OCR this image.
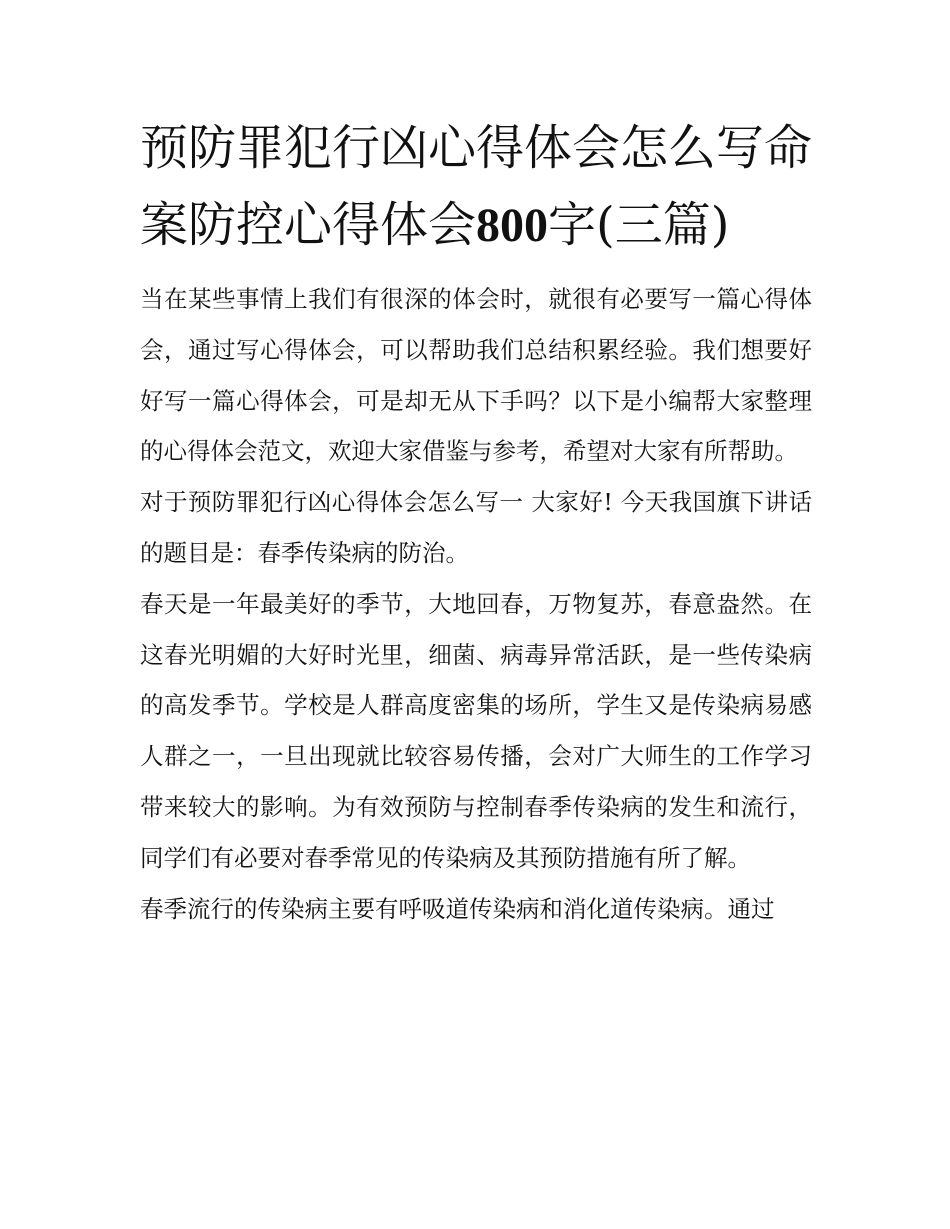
预防罪犯行凶心得体会怎么写命案防控心得体会800字(三篇)

当在某些事情上我们有很深的体会时，就很有必要写一篇心得体会，通过写心得体会，可以帮助我们总结积累经验。我们想要好好写一篇心得体会，可是却无从下手吗？以下是小编帮大家整理的心得体会范文，欢迎大家借鉴与参考，希望对大家有所帮助。

对于预防罪犯行凶心得体会怎么写一 大家好! 今天我国旗下讲话的题目是：春季传染病的防治。

春天是一年最美好的季节，大地回春，万物复苏，春意盎然。在这春光明媚的大好时光里，细菌、病毒异常活跃，是一些传染病的高发季节。学校是人群高度密集的场所，学生又是传染病易感人群之一，一旦出现就比较容易传播，会对广大师生的工作学习带来较大的影响。为有效预防与控制春季传染病的发生和流行，同学们有必要对春季常见的传染病及其预防措施有所了解。

春季流行的传染病主要有呼吸道传染病和消化道传染病。通过
